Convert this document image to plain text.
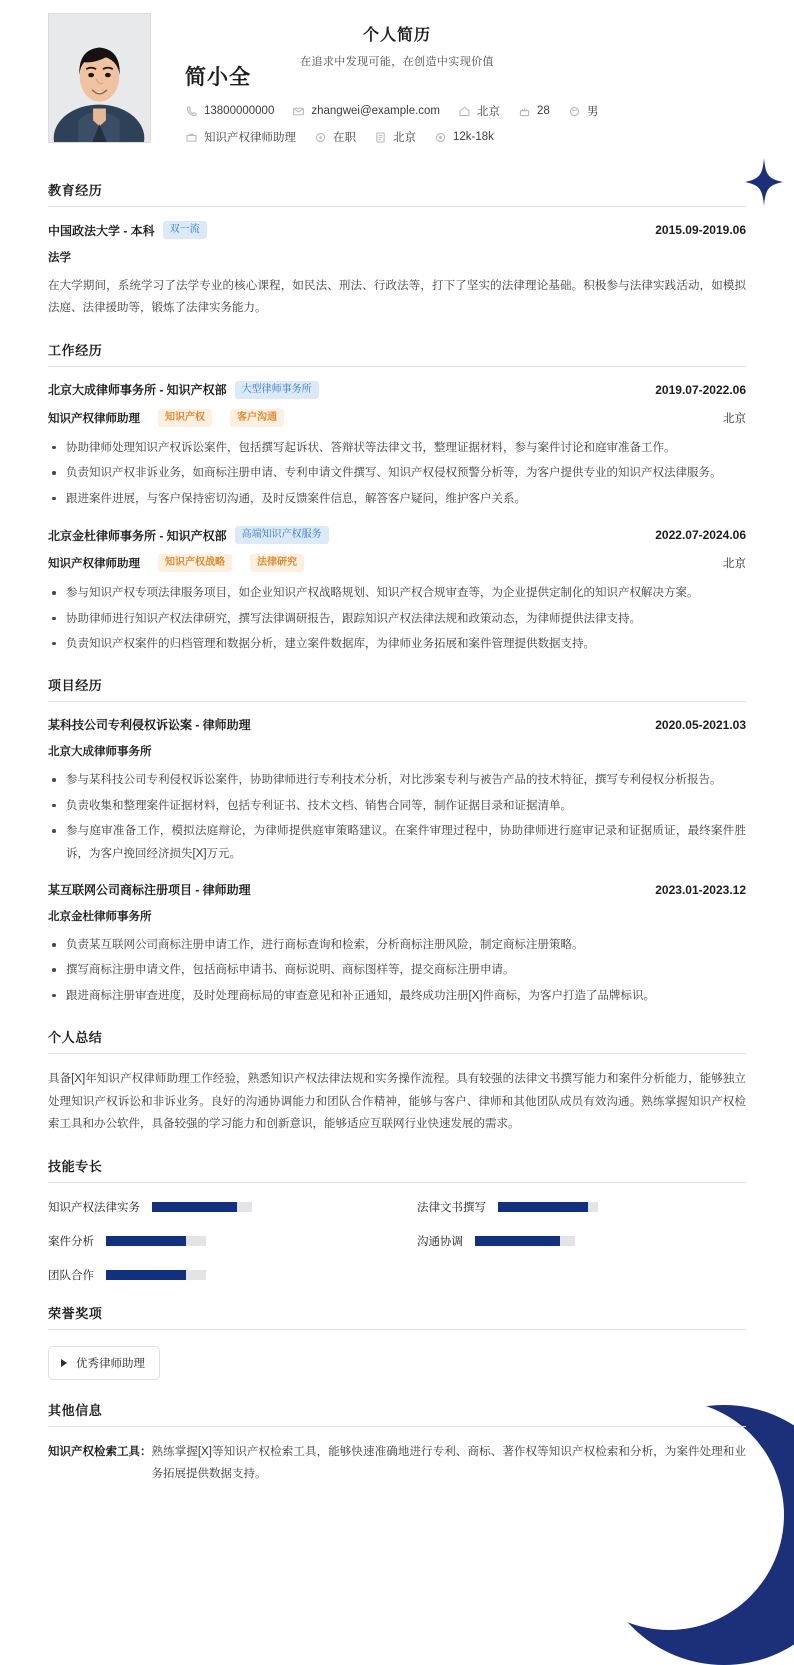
个人简历
在追求中发现可能，在创造中实现价值
简小全
13800000000	zhangwei@example.com	北京	28	男
知识产权律师助理	在职	北京	12k-18k
教育经历
中国政法大学 - 本科	双一流	2015.09-2019.06
法学
在大学期间，系统学习了法学专业的核心课程，如民法、刑法、行政法等，打下了坚实的法律理论基础。积极参与法律实践活动，如模拟法庭、法律援助等，锻炼了法律实务能力。
工作经历
北京大成律师事务所 - 知识产权部	大型律师事务所	2019.07-2022.06
知识产权律师助理	知识产权	客户沟通	北京
协助律师处理知识产权诉讼案件，包括撰写起诉状、答辩状等法律文书，整理证据材料，参与案件讨论和庭审准备工作。
负责知识产权非诉业务，如商标注册申请、专利申请文件撰写、知识产权侵权预警分析等，为客户提供专业的知识产权法律服务。
跟进案件进展，与客户保持密切沟通，及时反馈案件信息，解答客户疑问，维护客户关系。
北京金杜律师事务所 - 知识产权部	高端知识产权服务	2022.07-2024.06
知识产权律师助理	知识产权战略	法律研究	北京
参与知识产权专项法律服务项目，如企业知识产权战略规划、知识产权合规审查等，为企业提供定制化的知识产权解决方案。
协助律师进行知识产权法律研究，撰写法律调研报告，跟踪知识产权法律法规和政策动态，为律师提供法律支持。
负责知识产权案件的归档管理和数据分析，建立案件数据库，为律师业务拓展和案件管理提供数据支持。
项目经历
某科技公司专利侵权诉讼案 - 律师助理	2020.05-2021.03
北京大成律师事务所
参与某科技公司专利侵权诉讼案件，协助律师进行专利技术分析，对比涉案专利与被告产品的技术特征，撰写专利侵权分析报告。
负责收集和整理案件证据材料，包括专利证书、技术文档、销售合同等，制作证据目录和证据清单。
参与庭审准备工作，模拟法庭辩论，为律师提供庭审策略建议。在案件审理过程中，协助律师进行庭审记录和证据质证，最终案件胜诉，为客户挽回经济损失[X]万元。
某互联网公司商标注册项目 - 律师助理	2023.01-2023.12
北京金杜律师事务所
负责某互联网公司商标注册申请工作，进行商标查询和检索，分析商标注册风险，制定商标注册策略。
撰写商标注册申请文件，包括商标申请书、商标说明、商标图样等，提交商标注册申请。
跟进商标注册审查进度，及时处理商标局的审查意见和补正通知，最终成功注册[X]件商标，为客户打造了品牌标识。
个人总结
具备[X]年知识产权律师助理工作经验，熟悉知识产权法律法规和实务操作流程。具有较强的法律文书撰写能力和案件分析能力，能够独立处理知识产权诉讼和非诉业务。良好的沟通协调能力和团队合作精神，能够与客户、律师和其他团队成员有效沟通。熟练掌握知识产权检索工具和办公软件，具备较强的学习能力和创新意识，能够适应互联网行业快速发展的需求。
技能专长
知识产权法律实务	法律文书撰写
案件分析	沟通协调
团队合作
荣誉奖项
优秀律师助理
其他信息
知识产权检索工具： 熟练掌握[X]等知识产权检索工具，能够快速准确地进行专利、商标、著作权等知识产权检索和分析，为案件处理和业务拓展提供数据支持。
